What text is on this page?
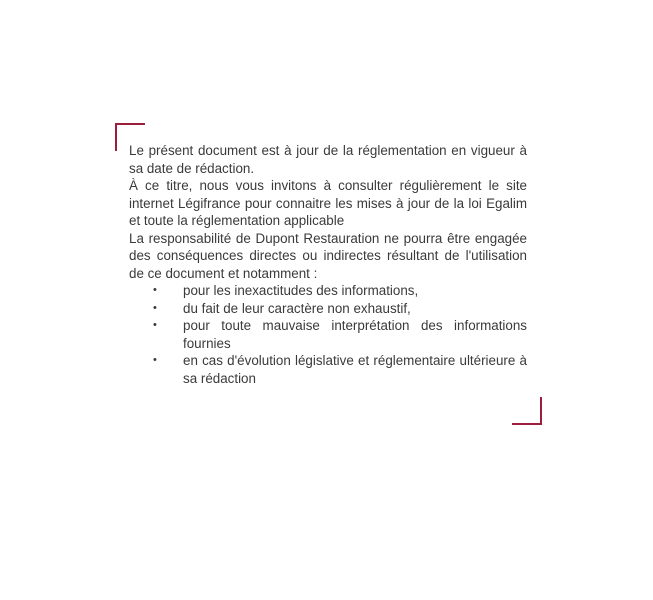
Le présent document est à jour de la réglementation en vigueur à sa date de rédaction.

À ce titre, nous vous invitons à consulter régulièrement le site internet Légifrance pour connaitre les mises à jour de la loi Egalim et toute la réglementation applicable

La responsabilité de Dupont Restauration ne pourra être engagée des conséquences directes ou indirectes résultant de l'utilisation de ce document et notamment :

• pour les inexactitudes des informations,
• du fait de leur caractère non exhaustif,
• pour toute mauvaise interprétation des informations fournies
• en cas d'évolution législative et réglementaire ultérieure à sa rédaction
